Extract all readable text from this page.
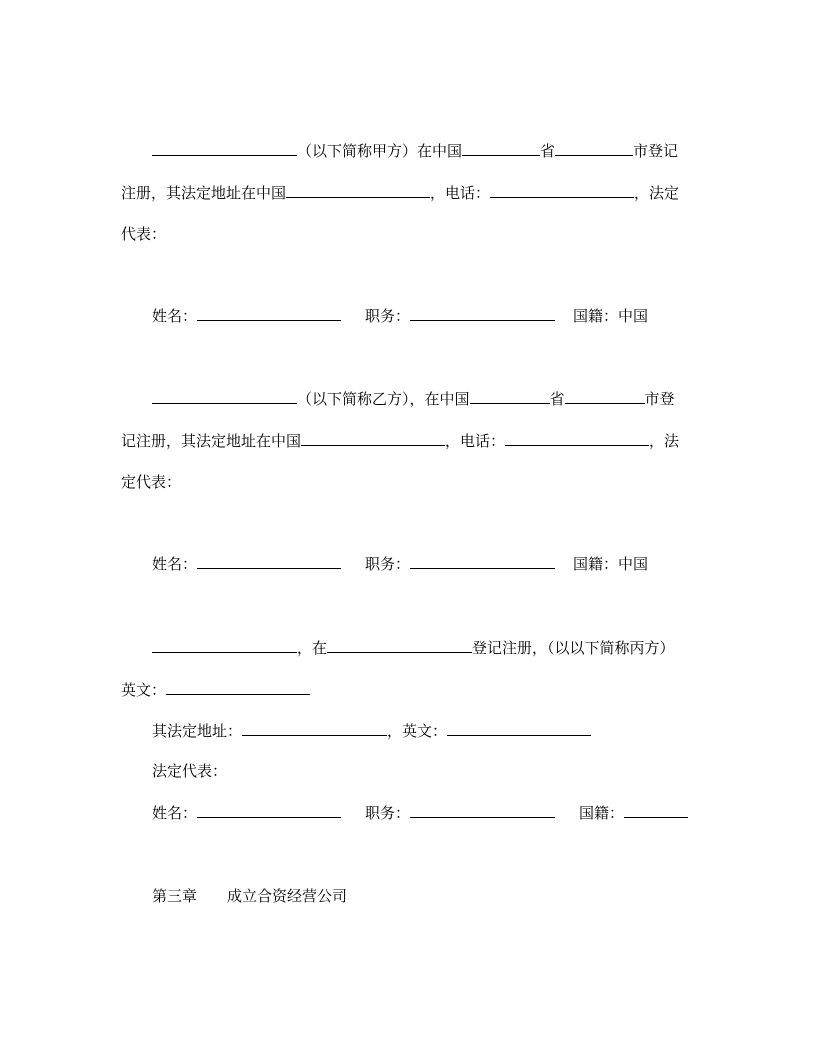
（以下简称甲方）在中国	省	市登记
注册，其法定地址在中国	，电话：	，法定
代表：
姓名：	职务：	国籍：中国
（以下简称乙方），在中国	省	市登
记注册，其法定地址在中国	，电话：	，法
定代表：
姓名：	职务：	国籍：中国
，在	登记注册，（以以下简称丙方）
英文：
其法定地址：	，英文：
法定代表：
姓名：	职务：	国籍：
第三章 成立合资经营公司
